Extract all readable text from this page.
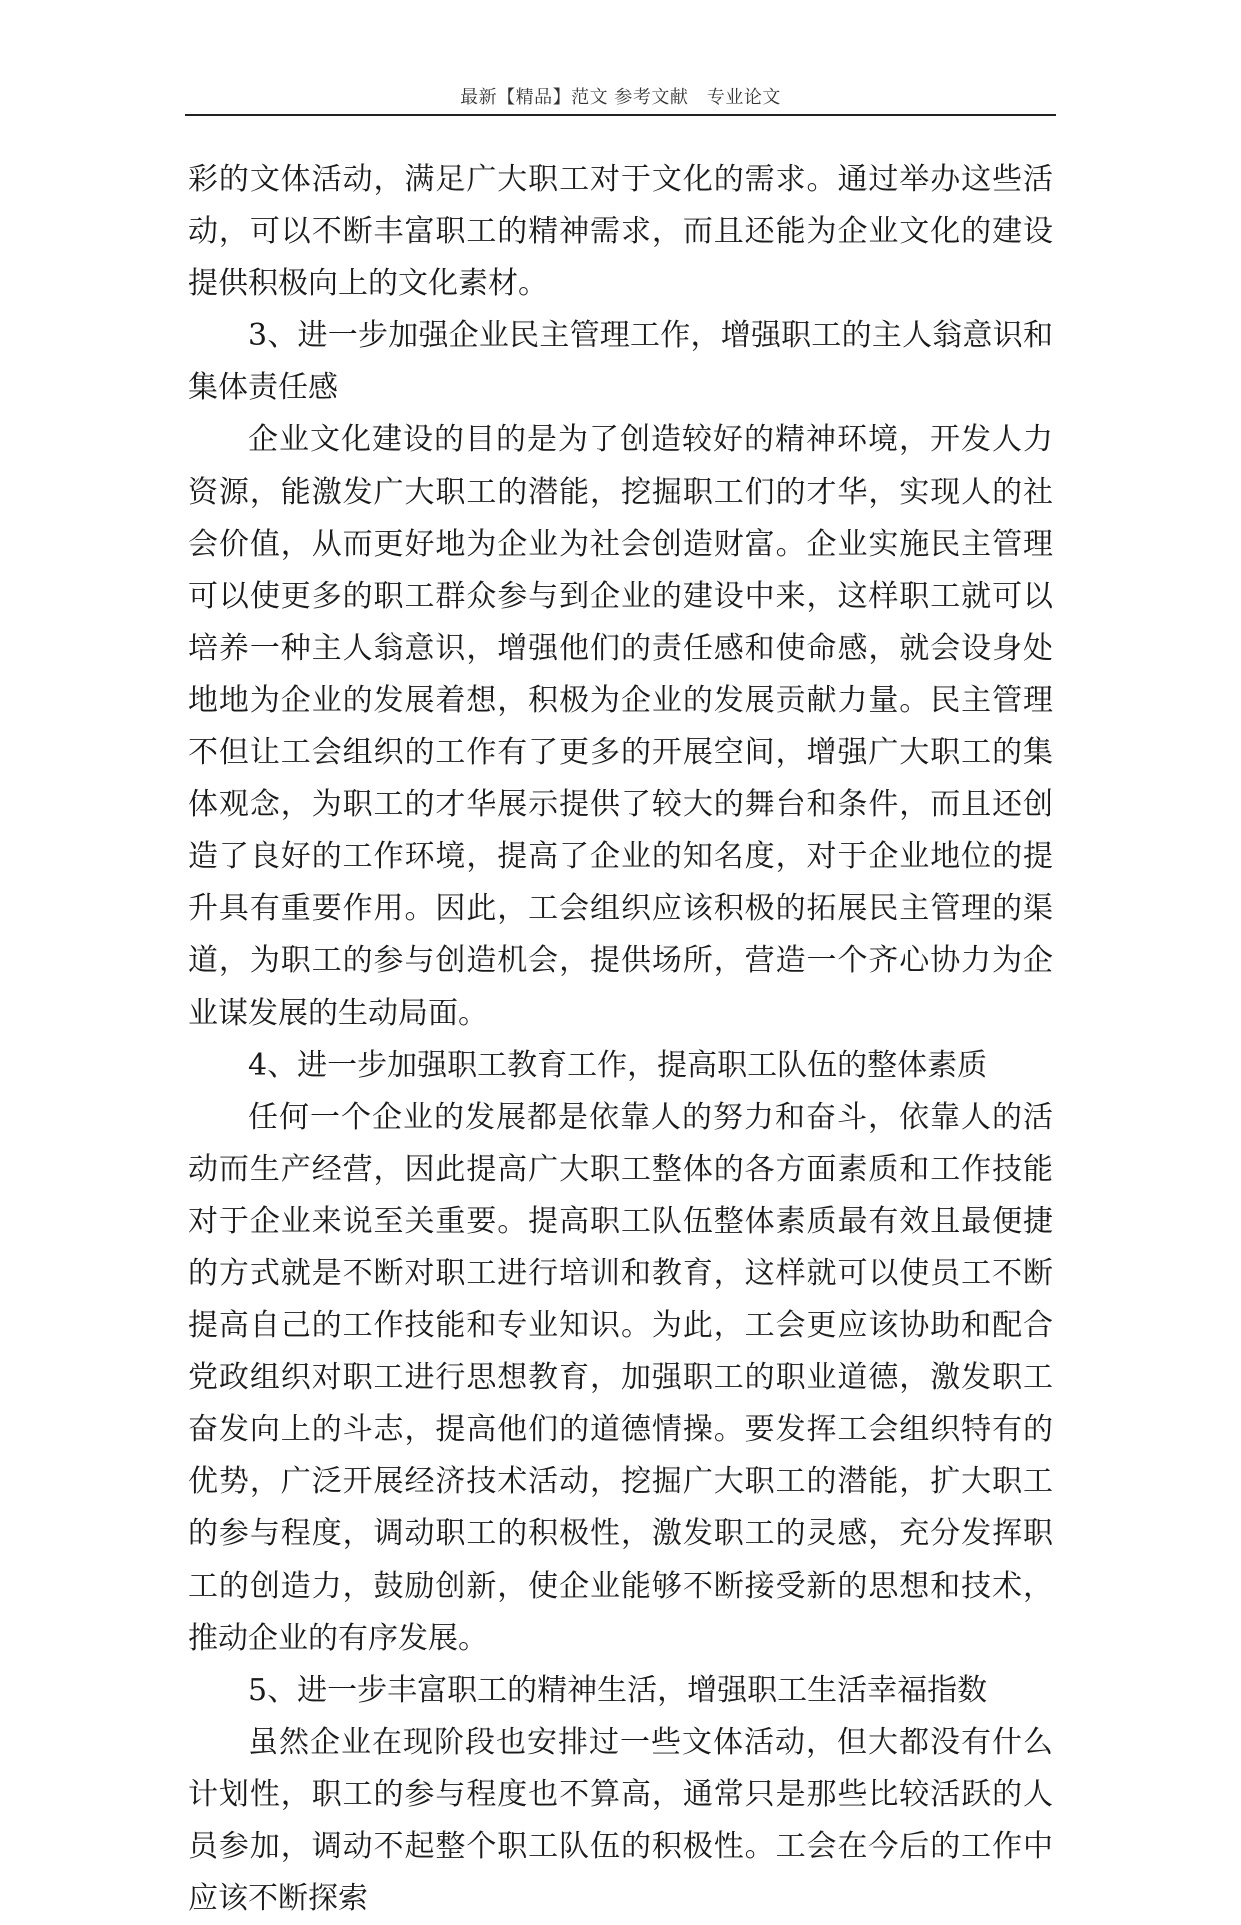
最新【精品】范文 参考文献　专业论文

彩的文体活动，满足广大职工对于文化的需求。通过举办这些活动，可以不断丰富职工的精神需求，而且还能为企业文化的建设提供积极向上的文化素材。

3、进一步加强企业民主管理工作，增强职工的主人翁意识和集体责任感

企业文化建设的目的是为了创造较好的精神环境，开发人力资源，能激发广大职工的潜能，挖掘职工们的才华，实现人的社会价值，从而更好地为企业为社会创造财富。企业实施民主管理可以使更多的职工群众参与到企业的建设中来，这样职工就可以培养一种主人翁意识，增强他们的责任感和使命感，就会设身处地地为企业的发展着想，积极为企业的发展贡献力量。民主管理不但让工会组织的工作有了更多的开展空间，增强广大职工的集体观念，为职工的才华展示提供了较大的舞台和条件，而且还创造了良好的工作环境，提高了企业的知名度，对于企业地位的提升具有重要作用。因此，工会组织应该积极的拓展民主管理的渠道，为职工的参与创造机会，提供场所，营造一个齐心协力为企业谋发展的生动局面。

4、进一步加强职工教育工作，提高职工队伍的整体素质

任何一个企业的发展都是依靠人的努力和奋斗，依靠人的活动而生产经营，因此提高广大职工整体的各方面素质和工作技能对于企业来说至关重要。提高职工队伍整体素质最有效且最便捷的方式就是不断对职工进行培训和教育，这样就可以使员工不断提高自己的工作技能和专业知识。为此，工会更应该协助和配合党政组织对职工进行思想教育，加强职工的职业道德，激发职工奋发向上的斗志，提高他们的道德情操。要发挥工会组织特有的优势，广泛开展经济技术活动，挖掘广大职工的潜能，扩大职工的参与程度，调动职工的积极性，激发职工的灵感，充分发挥职工的创造力，鼓励创新，使企业能够不断接受新的思想和技术，推动企业的有序发展。

5、进一步丰富职工的精神生活，增强职工生活幸福指数

虽然企业在现阶段也安排过一些文体活动，但大都没有什么计划性，职工的参与程度也不算高，通常只是那些比较活跃的人员参加，调动不起整个职工队伍的积极性。工会在今后的工作中应该不断探索
